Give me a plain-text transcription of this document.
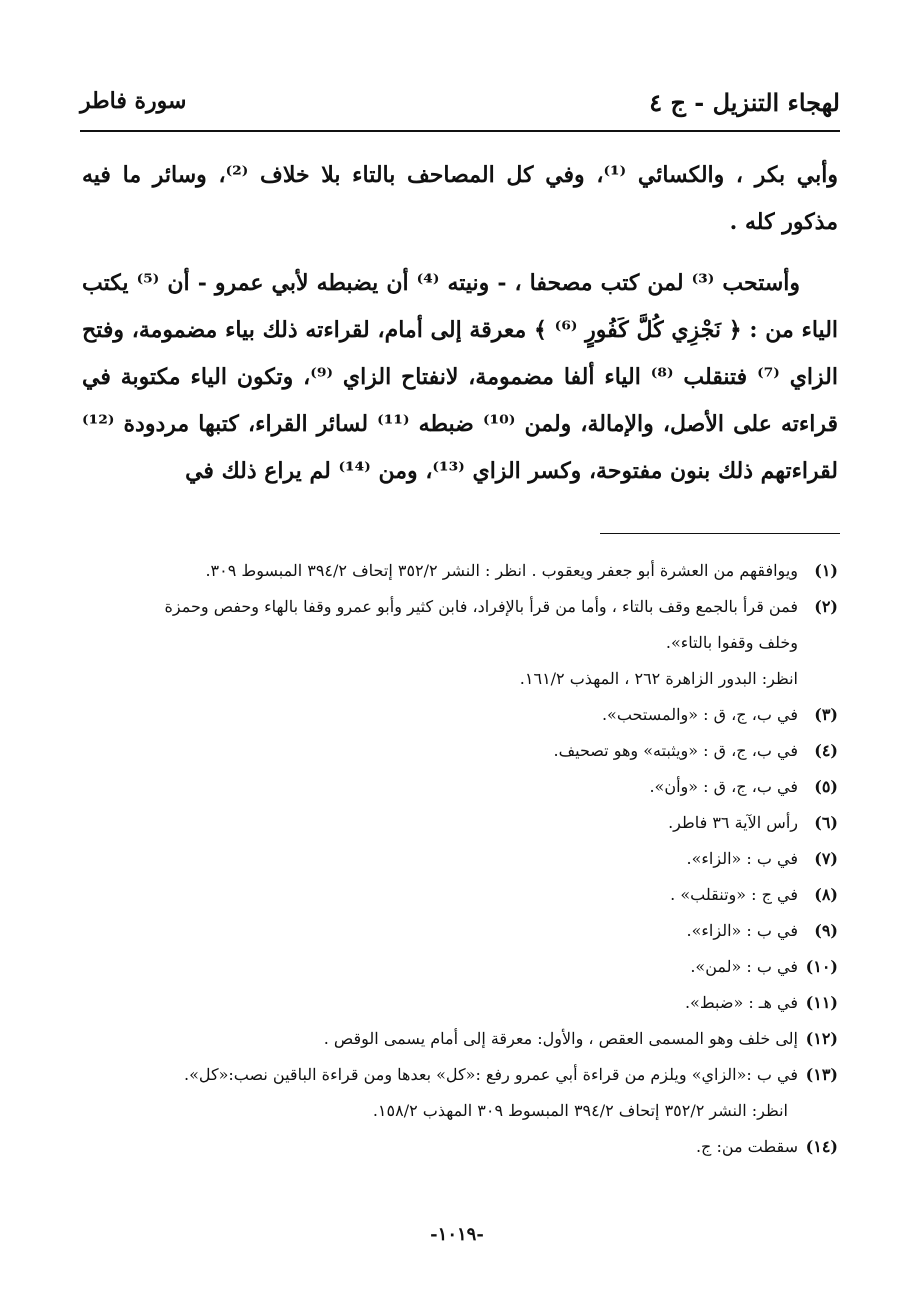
لهجاء التنزيل - ج ٤
سورة فاطر

وأبي بكر ، والكسائي ⁽¹⁾، وفي كل المصاحف بالتاء بلا خلاف ⁽²⁾، وسائر ما فيه مذكور كله .

وأستحب ⁽³⁾ لمن كتب مصحفا ، - ونيته ⁽⁴⁾ أن يضبطه لأبي عمرو - أن ⁽⁵⁾ يكتب الياء من : ﴿ نَجْزِي كُلَّ كَفُورٍ ⁽⁶⁾ ﴾ معرقة إلى أمام، لقراءته ذلك بياء مضمومة، وفتح الزاي ⁽⁷⁾ فتنقلب ⁽⁸⁾ الياء ألفا مضمومة، لانفتاح الزاي ⁽⁹⁾، وتكون الياء مكتوبة في قراءته على الأصل، والإمالة، ولمن ⁽¹⁰⁾ ضبطه ⁽¹¹⁾ لسائر القراء، كتبها مردودة ⁽¹²⁾ لقراءتهم ذلك بنون مفتوحة، وكسر الزاي ⁽¹³⁾، ومن ⁽¹⁴⁾ لم يراع ذلك في

(١)
ويوافقهم من العشرة أبو جعفر ويعقوب . انظر : النشر ٣٥٢/٢ إتحاف ٣٩٤/٢ المبسوط ٣٠٩.
(٢)
فمن قرأ بالجمع وقف بالتاء ، وأما من قرأ بالإفراد، فابن كثير وأبو عمرو وقفا بالهاء وحفص وحمزة
وخلف وقفوا بالتاء».
انظر: البدور الزاهرة ٢٦٢ ، المهذب ١٦١/٢.
(٣)
في ب، ج، ق : «والمستحب».
(٤)
في ب، ج، ق : «ويثبته» وهو تصحيف.
(٥)
في ب، ج، ق : «وأن».
(٦)
رأس الآية ٣٦ فاطر.
(٧)
في ب : «الزاء».
(٨)
في ج : «وتنقلب» .
(٩)
في ب : «الزاء».
(١٠)
في ب : «لمن».
(١١)
في هـ : «ضبط».
(١٢)
إلى خلف وهو المسمى العقص ، والأول: معرقة إلى أمام يسمى الوقص .
(١٣)
في ب :«الزاي» ويلزم من قراءة أبي عمرو رفع :«كل» بعدها ومن قراءة الباقين نصب:«كل».
انظر: النشر ٣٥٢/٢ إتحاف ٣٩٤/٢ المبسوط ٣٠٩ المهذب ١٥٨/٢.
(١٤)
سقطت من: ج.
-١٠١٩-
